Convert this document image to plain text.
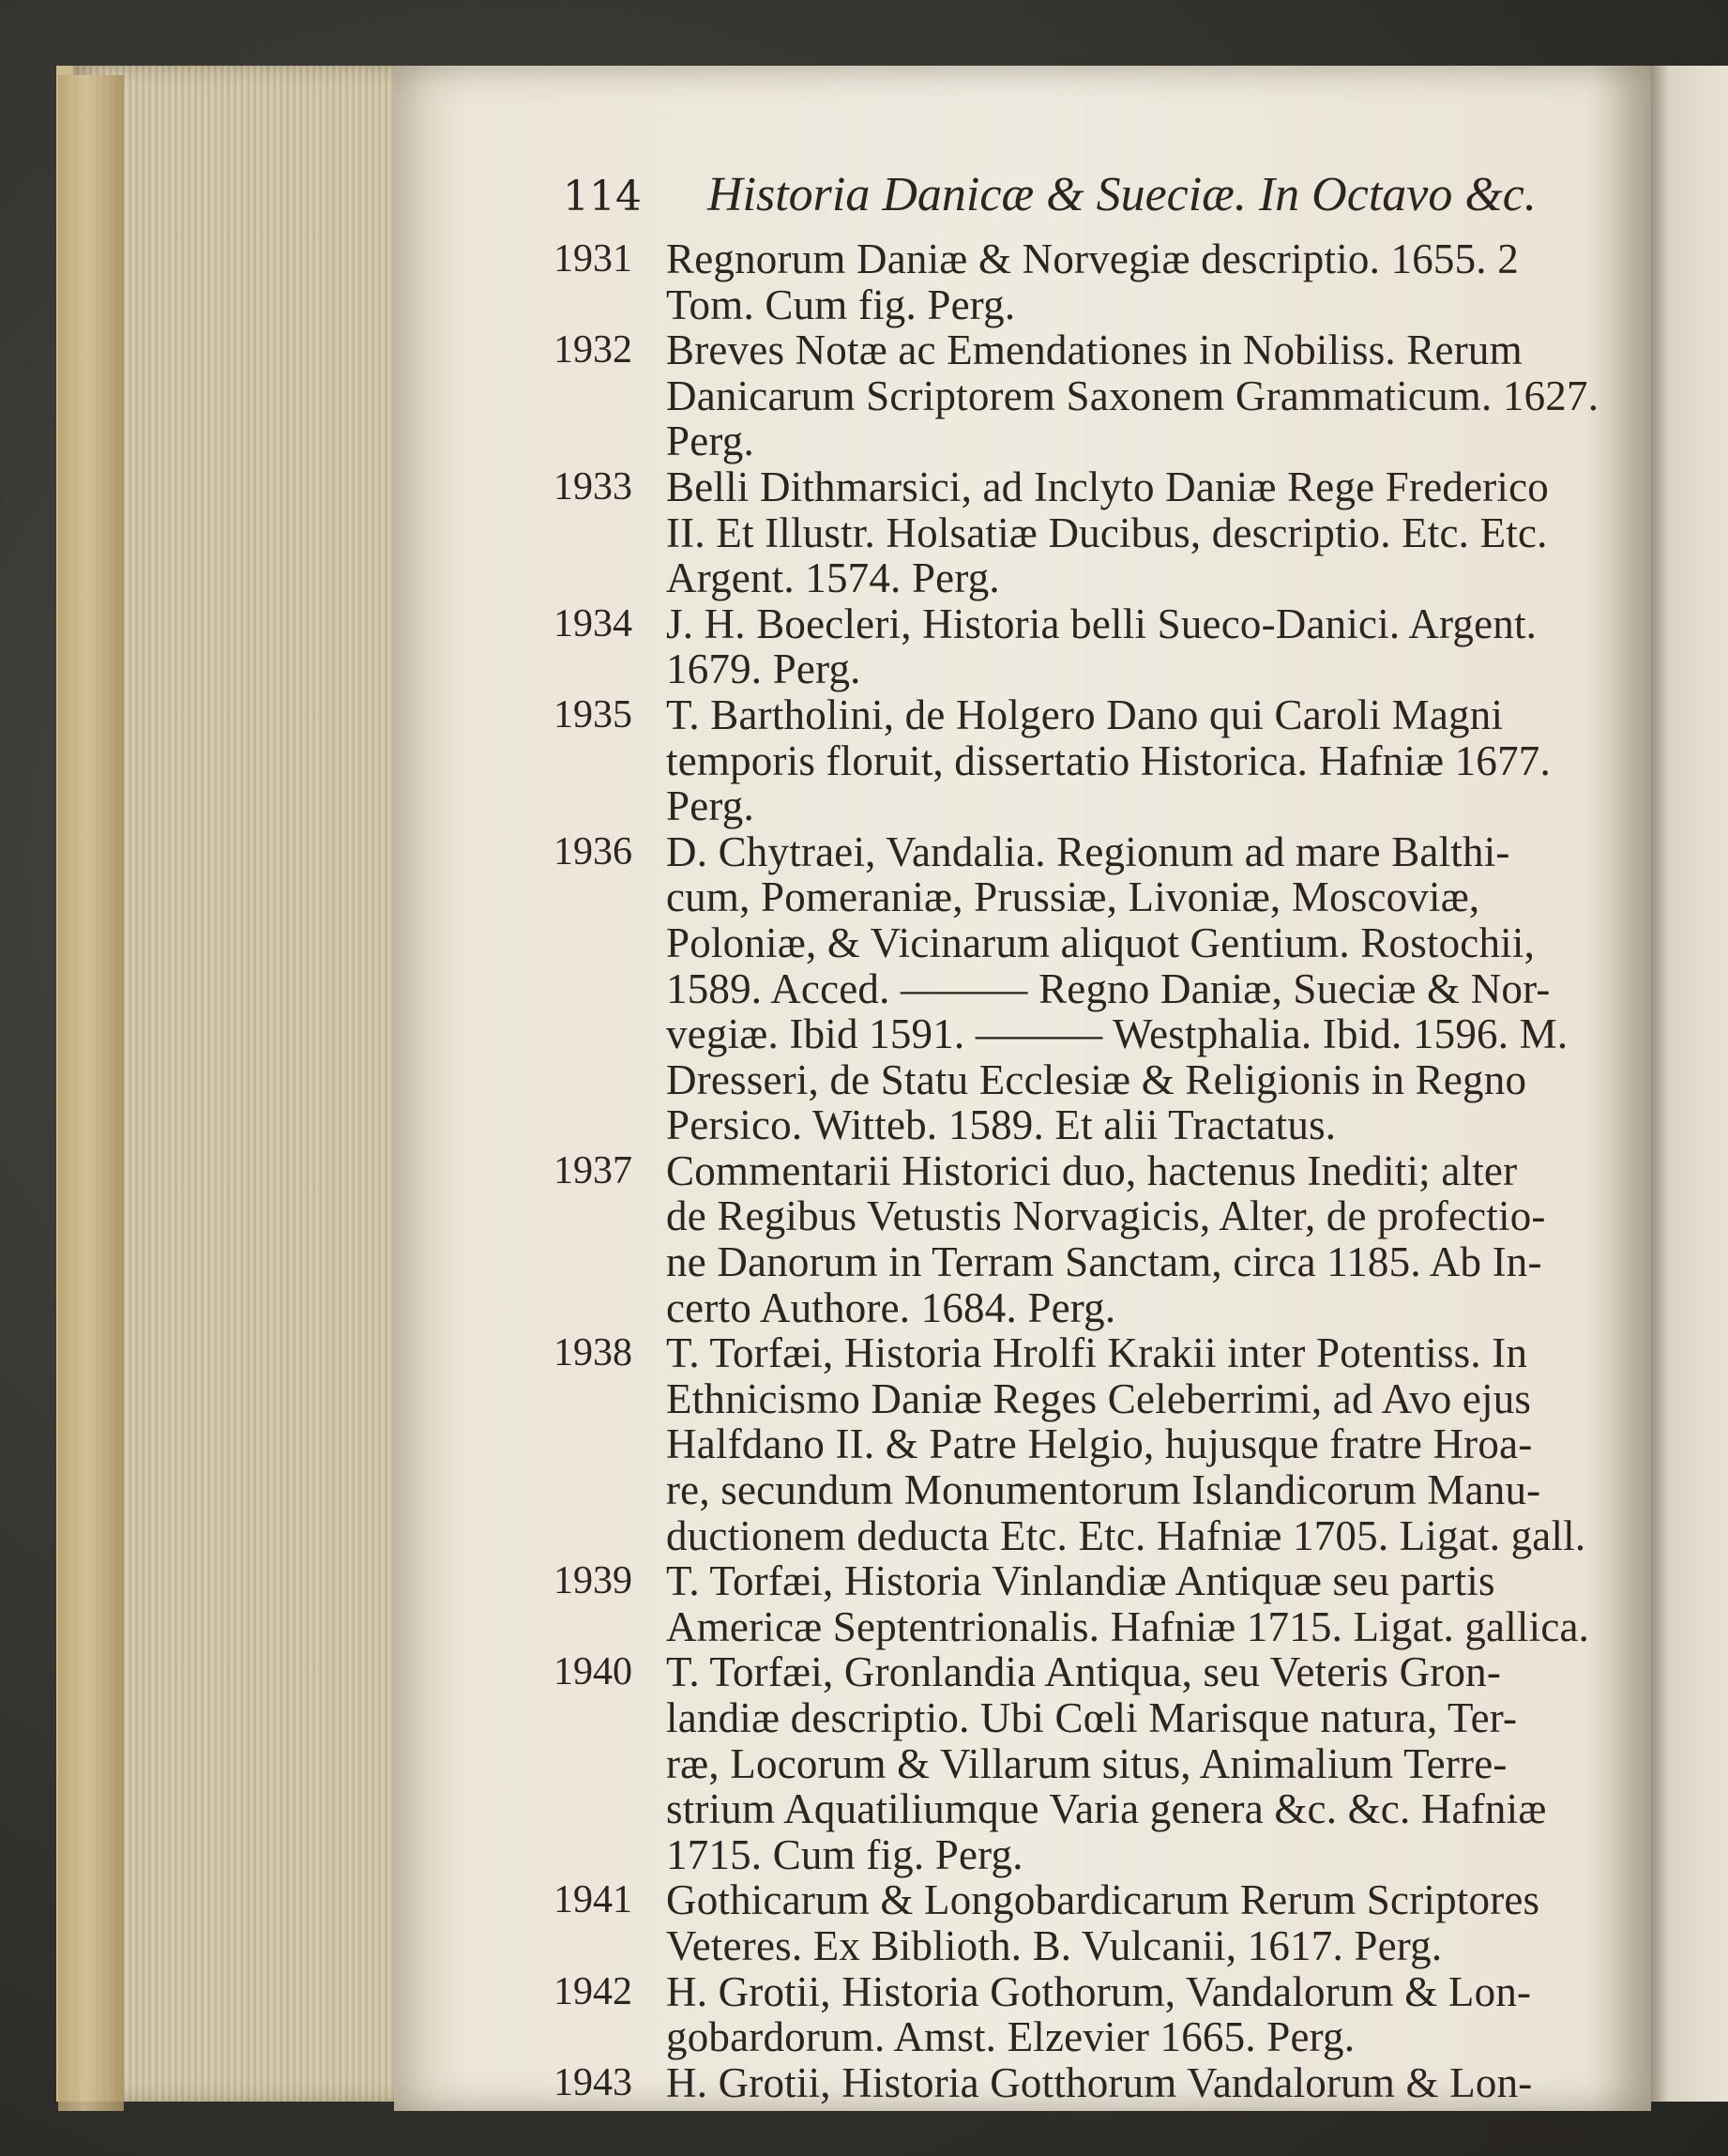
114 Historia Danicæ & Sueciæ. In Octavo &c.
1931 Regnorum Daniæ & Norvegiæ descriptio. 1655. 2
Tom. Cum fig. Perg.
1932 Breves Notæ ac Emendationes in Nobiliss. Rerum
Danicarum Scriptorem Saxonem Grammaticum. 1627.
Perg.
1933 Belli Dithmarsici, ad Inclyto Daniæ Rege Frederico
II. Et Illustr. Holsatiæ Ducibus, descriptio. Etc. Etc.
Argent. 1574. Perg.
1934 J. H. Boecleri, Historia belli Sueco-Danici. Argent.
1679. Perg.
1935 T. Bartholini, de Holgero Dano qui Caroli Magni
temporis floruit, dissertatio Historica. Hafniæ 1677.
Perg.
1936 D. Chytraei, Vandalia. Regionum ad mare Balthi-
cum, Pomeraniæ, Prussiæ, Livoniæ, Moscoviæ,
Poloniæ, & Vicinarum aliquot Gentium. Rostochii,
1589. Acced. ——— Regno Daniæ, Sueciæ & Nor-
vegiæ. Ibid 1591. ——— Westphalia. Ibid. 1596. M.
Dresseri, de Statu Ecclesiæ & Religionis in Regno
Persico. Witteb. 1589. Et alii Tractatus.
1937 Commentarii Historici duo, hactenus Inediti; alter
de Regibus Vetustis Norvagicis, Alter, de profectio-
ne Danorum in Terram Sanctam, circa 1185. Ab In-
certo Authore. 1684. Perg.
1938 T. Torfæi, Historia Hrolfi Krakii inter Potentiss. In
Ethnicismo Daniæ Reges Celeberrimi, ad Avo ejus
Halfdano II. & Patre Helgio, hujusque fratre Hroa-
re, secundum Monumentorum Islandicorum Manu-
ductionem deducta Etc. Etc. Hafniæ 1705. Ligat. gall.
1939 T. Torfæi, Historia Vinlandiæ Antiquæ seu partis
Americæ Septentrionalis. Hafniæ 1715. Ligat. gallica.
1940 T. Torfæi, Gronlandia Antiqua, seu Veteris Gron-
landiæ descriptio. Ubi Cœli Marisque natura, Ter-
ræ, Locorum & Villarum situs, Animalium Terre-
strium Aquatiliumque Varia genera &c. &c. Hafniæ
1715. Cum fig. Perg.
1941 Gothicarum & Longobardicarum Rerum Scriptores
Veteres. Ex Biblioth. B. Vulcanii, 1617. Perg.
1942 H. Grotii, Historia Gothorum, Vandalorum & Lon-
gobardorum. Amst. Elzevier 1665. Perg.
1943 H. Grotii, Historia Gotthorum Vandalorum & Lon-
gobar-
